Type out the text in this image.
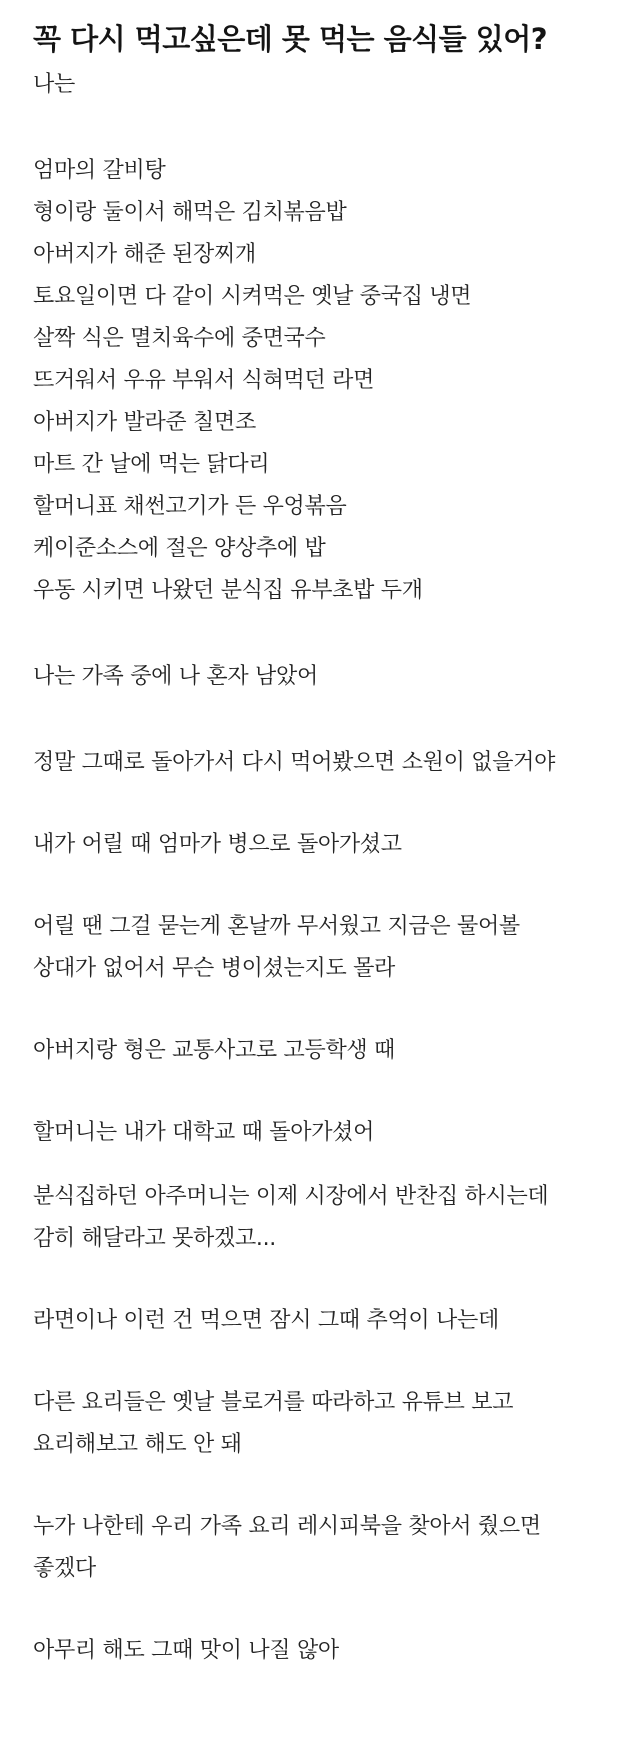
꼭 다시 먹고싶은데 못 먹는 음식들 있어?
나는
엄마의 갈비탕
형이랑 둘이서 해먹은 김치볶음밥
아버지가 해준 된장찌개
토요일이면 다 같이 시켜먹은 옛날 중국집 냉면
살짝 식은 멸치육수에 중면국수
뜨거워서 우유 부워서 식혀먹던 라면
아버지가 발라준 칠면조
마트 간 날에 먹는 닭다리
할머니표 채썬고기가 든 우엉볶음
케이준소스에 절은 양상추에 밥
우동 시키면 나왔던 분식집 유부초밥 두개
나는 가족 중에 나 혼자 남았어
정말 그때로 돌아가서 다시 먹어봤으면 소원이 없을거야
내가 어릴 때 엄마가 병으로 돌아가셨고
어릴 땐 그걸 묻는게 혼날까 무서웠고 지금은 물어볼
상대가 없어서 무슨 병이셨는지도 몰라
아버지랑 형은 교통사고로 고등학생 때
할머니는 내가 대학교 때 돌아가셨어
분식집하던 아주머니는 이제 시장에서 반찬집 하시는데
감히 해달라고 못하겠고...
라면이나 이런 건 먹으면 잠시 그때 추억이 나는데
다른 요리들은 옛날 블로거를 따라하고 유튜브 보고
요리해보고 해도 안 돼
누가 나한테 우리 가족 요리 레시피북을 찾아서 줬으면
좋겠다
아무리 해도 그때 맛이 나질 않아
